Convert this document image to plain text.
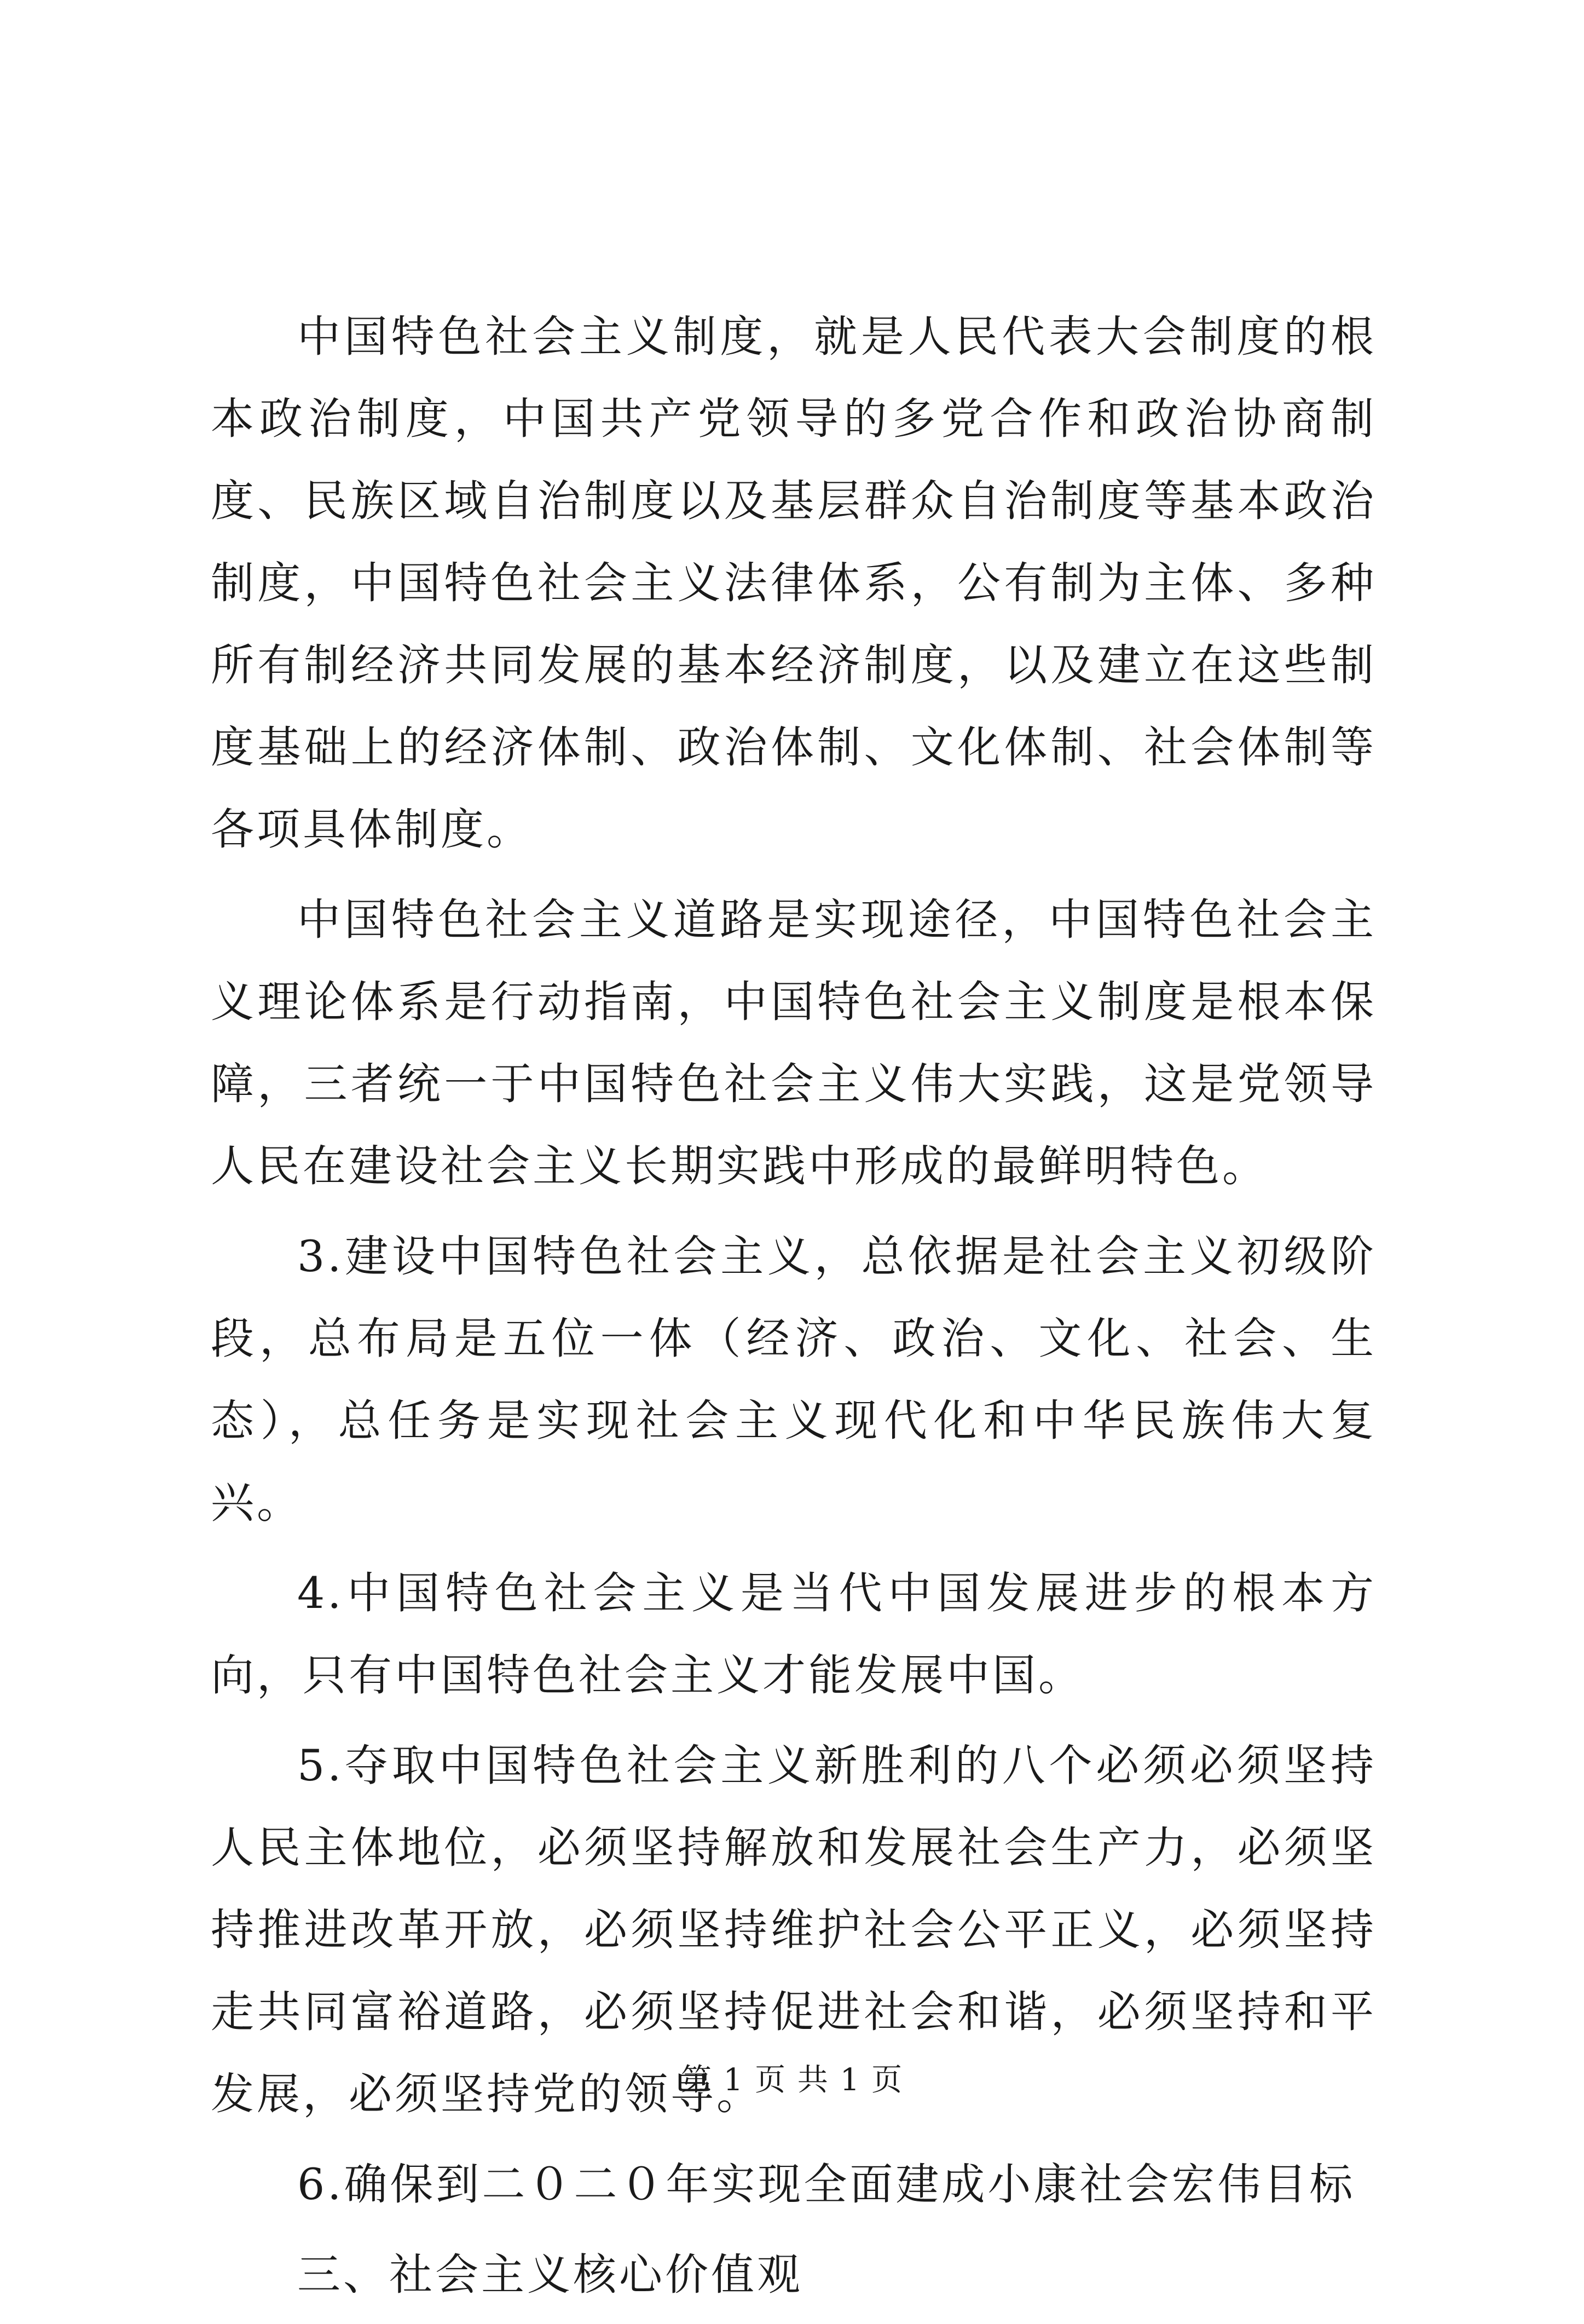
中国特色社会主义制度，就是人民代表大会制度的根本政治制度，中国共产党领导的多党合作和政治协商制度、民族区域自治制度以及基层群众自治制度等基本政治制度，中国特色社会主义法律体系，公有制为主体、多种所有制经济共同发展的基本经济制度，以及建立在这些制度基础上的经济体制、政治体制、文化体制、社会体制等各项具体制度。

中国特色社会主义道路是实现途径，中国特色社会主义理论体系是行动指南，中国特色社会主义制度是根本保障，三者统一于中国特色社会主义伟大实践，这是党领导人民在建设社会主义长期实践中形成的最鲜明特色。

3.建设中国特色社会主义，总依据是社会主义初级阶段，总布局是五位一体（经济、政治、文化、社会、生态），总任务是实现社会主义现代化和中华民族伟大复兴。

4.中国特色社会主义是当代中国发展进步的根本方向，只有中国特色社会主义才能发展中国。

5.夺取中国特色社会主义新胜利的八个必须必须坚持人民主体地位，必须坚持解放和发展社会生产力，必须坚持推进改革开放，必须坚持维护社会公平正义，必须坚持走共同富裕道路，必须坚持促进社会和谐，必须坚持和平发展，必须坚持党的领导。

6.确保到二０二０年实现全面建成小康社会宏伟目标

三、社会主义核心价值观

第 1 页 共 1 页
